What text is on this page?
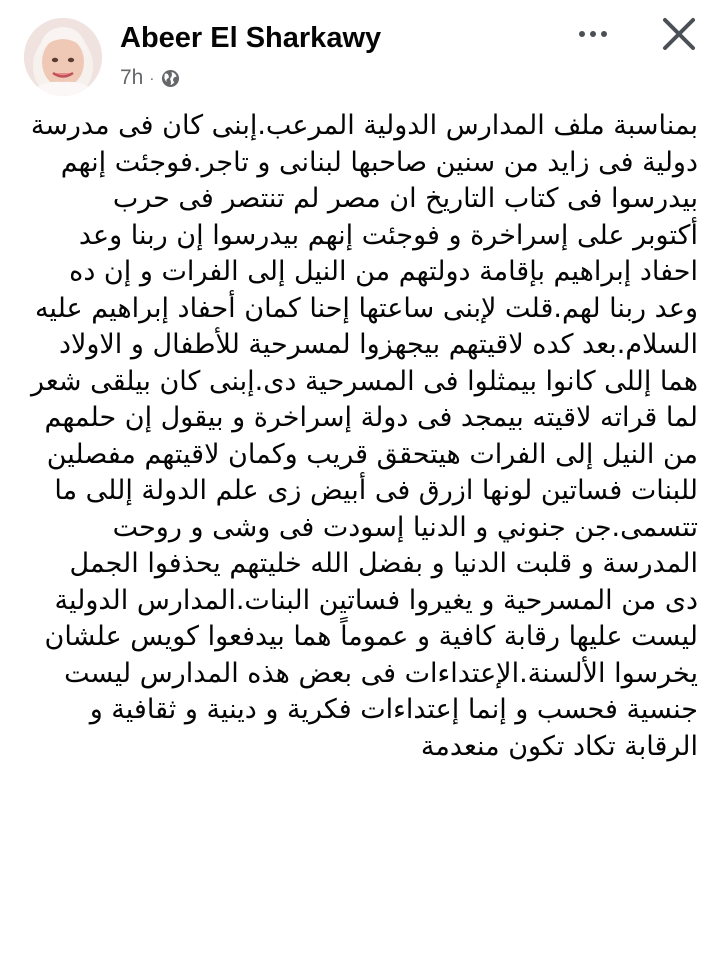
Abeer El Sharkawy
7h ·
بمناسبة ملف المدارس الدولية المرعب.إبنى كان فى مدرسة
دولية فى زايد من سنين صاحبها لبنانى و تاجر.فوجئت إنهم
بيدرسوا فى كتاب التاريخ ان مصر لم تنتصر فى حرب
أكتوبر على إسراخرة و فوجئت إنهم بيدرسوا إن ربنا وعد
احفاد إبراهيم بإقامة دولتهم من النيل إلى الفرات و إن ده
وعد ربنا لهم.قلت لإبنى ساعتها إحنا كمان أحفاد إبراهيم عليه
السلام.بعد كده لاقيتهم بيجهزوا لمسرحية للأطفال و الاولاد
هما إللى كانوا بيمثلوا فى المسرحية دى.إبنى كان بيلقى شعر
لما قراته لاقيته بيمجد فى دولة إسراخرة و بيقول إن حلمهم
من النيل إلى الفرات هيتحقق قريب وكمان لاقيتهم مفصلين
للبنات فساتين لونها ازرق فى أبيض زى علم الدولة إللى ما
تتسمى.جن جنوني و الدنيا إسودت فى وشى و روحت
المدرسة و قلبت الدنيا و بفضل الله خليتهم يحذفوا الجمل
دى من المسرحية و يغيروا فساتين البنات.المدارس الدولية
ليست عليها رقابة كافية و عموماً هما بيدفعوا كويس علشان
يخرسوا الألسنة.الإعتداءات فى بعض هذه المدارس ليست
جنسية فحسب و إنما إعتداءات فكرية و دينية و ثقافية و
الرقابة تكاد تكون منعدمة
